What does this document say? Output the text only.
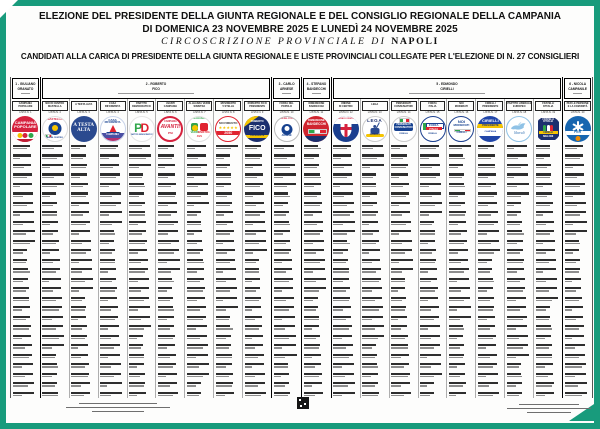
ELEZIONE DEL PRESIDENTE DELLA GIUNTA REGIONALE E DEL CONSIGLIO REGIONALE DELLA CAMPANIA
DI DOMENICA 23 NOVEMBRE 2025 E LUNEDÌ 24 NOVEMBRE 2025
CIRCOSCRIZIONE PROVINCIALE DI NAPOLI
CANDIDATI ALLA CARICA DI PRESIDENTE DELLA GIUNTA REGIONALE E LISTE PROVINCIALI COLLEGATE PER L'ELEZIONE DI N. 27 CONSIGLIERI
1 - GIULIANO
GRANATO
CAMPANIA
POPOLARE
LISTA N. 1
CAMPANIA
POPOLARE
2 - ROBERTO
FICO
NOI DI CENTRO
MASTELLA
LISTA N. 2
MASTELLA
NOI DI CENTRO
A TESTA ALTA
LISTA N. 3
A TESTA
ALTA
CASA
RIFORMISTA
LISTA N. 4
CASA
RIFORMISTA
CAMPANIA
PARTITO
DEMOCRATICO
LISTA N. 5
P
D
PARTITO DEMOCRATICO
AVANTI
CAMPANIA
LISTA N. 6
CAMPANIA
AVANTI!
PSI
ALLEANZA VERDI
SINISTRA
LISTA N. 7
ALLEANZA
VERDI SINISTRA
AVS
MOVIMENTO
5 STELLE
LISTA N. 8
MOVIMENTO
★★★★★
2050
ROBERTO FICO
PRESIDENTE
LISTA N. 9
ROBERTO
FICO
PRESIDENTE
3 - CARLO
ARNESE
FORZA DEL
POPOLO
LISTA N. 10
FORZA DEL POPOLO
ARNESE
4 - STEFANO
BANDECCHI
DIMENSIONE
BANDECCHI
LISTA N. 11
DIMENSIONE
BANDECCHI
5 - EDMONDO
CIRIELLI
UNIONE
DI CENTRO
LISTA N. 12
UNIONE DI CENTRO
LEGA
LISTA N. 13
LEGA
CIRIELLI
PENSIONATI
CONSUMATORI
LISTA N. 14
PENSIONATI
CONSUMATORI
CIRIELLI
FORZA
ITALIA
LISTA N. 15
FORZA
ITALIA
CIRIELLI
NOI
MODERATI
LISTA N. 16
NOI
MODERATI
CIRIELLI
CIRIELLI
PRESIDENTE
LISTA N. 17
CIRIELLI
PRESIDENTE
CAMPANIA
PARTITO LIBERALE
EUROPEO
LISTA N. 18
liberali
FRATELLI
D'ITALIA
LISTA N. 19
FRATELLI
D'ITALIA
CIRIELLI
MELONI
6 - NICOLA
CAMPANILE
PER LE PERSONE
E LA COMUNITÀ
LISTA N. 20
PER
